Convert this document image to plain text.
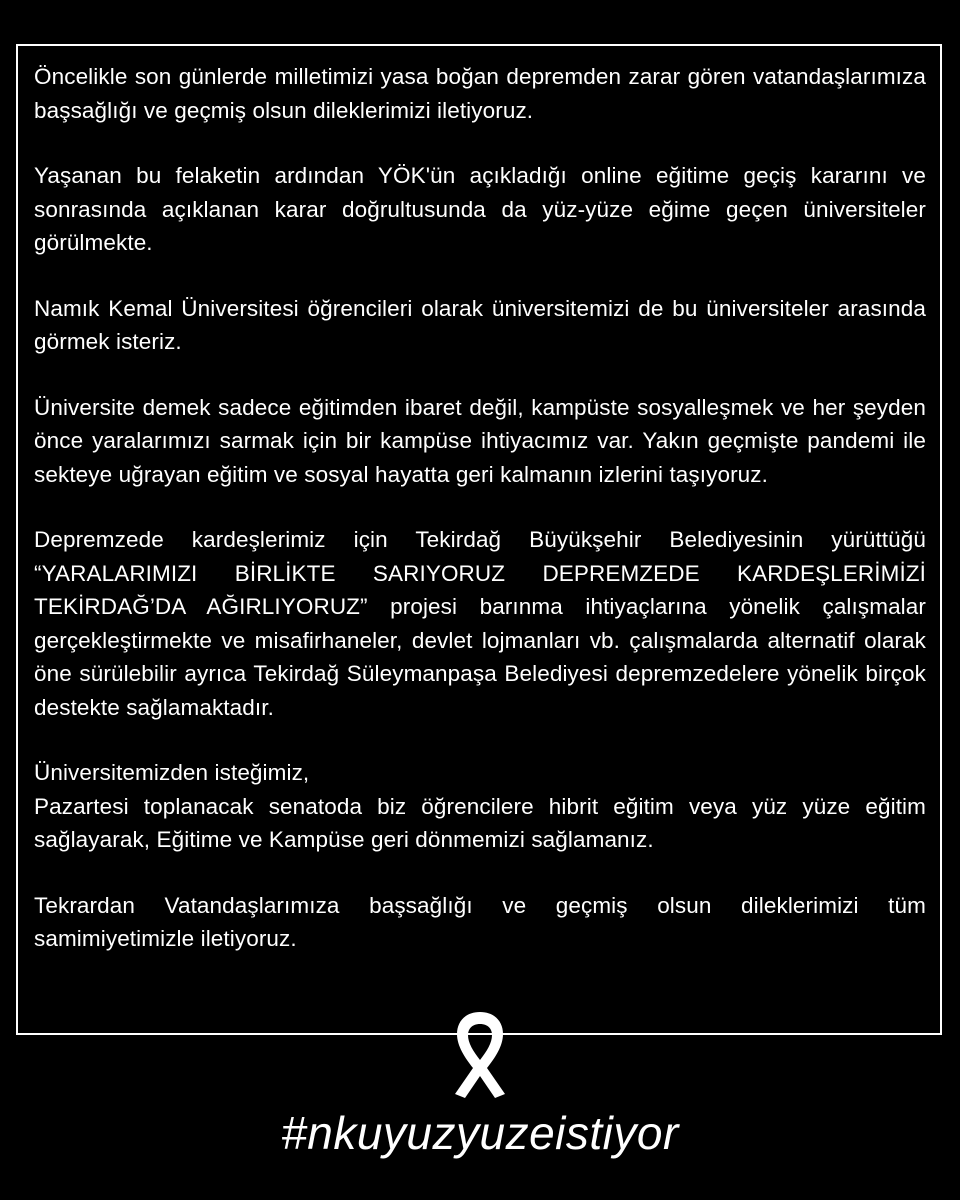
Öncelikle son günlerde milletimizi yasa boğan depremden zarar gören vatandaşlarımıza başsağlığı ve geçmiş olsun dileklerimizi iletiyoruz.

Yaşanan bu felaketin ardından YÖK'ün açıkladığı online eğitime geçiş kararını ve sonrasında açıklanan karar doğrultusunda da yüz-yüze eğime geçen üniversiteler görülmekte.

Namık Kemal Üniversitesi öğrencileri olarak üniversitemizi de bu üniversiteler arasında görmek isteriz.

Üniversite demek sadece eğitimden ibaret değil, kampüste sosyalleşmek ve her şeyden önce yaralarımızı sarmak için bir kampüse ihtiyacımız var. Yakın geçmişte pandemi ile sekteye uğrayan eğitim ve sosyal hayatta geri kalmanın izlerini taşıyoruz.

Depremzede kardeşlerimiz için Tekirdağ Büyükşehir Belediyesinin yürüttüğü “YARALARIMIZI BİRLİKTE SARIYORUZ DEPREMZEDE KARDEŞLERİMİZİ TEKİRDAĞ’DA AĞIRLIYORUZ” projesi barınma ihtiyaçlarına yönelik çalışmalar gerçekleştirmekte ve misafirhaneler, devlet lojmanları vb. çalışmalarda alternatif olarak öne sürülebilir ayrıca Tekirdağ Süleymanpaşa Belediyesi depremzedelere yönelik birçok destekte sağlamaktadır.

Üniversitemizden isteğimiz,
Pazartesi toplanacak senatoda biz öğrencilere hibrit eğitim veya yüz yüze eğitim sağlayarak, Eğitime ve Kampüse geri dönmemizi sağlamanız.

Tekrardan Vatandaşlarımıza başsağlığı ve geçmiş olsun dileklerimizi tüm samimiyetimizle iletiyoruz.

#nkuyuzyuzeistiyor
